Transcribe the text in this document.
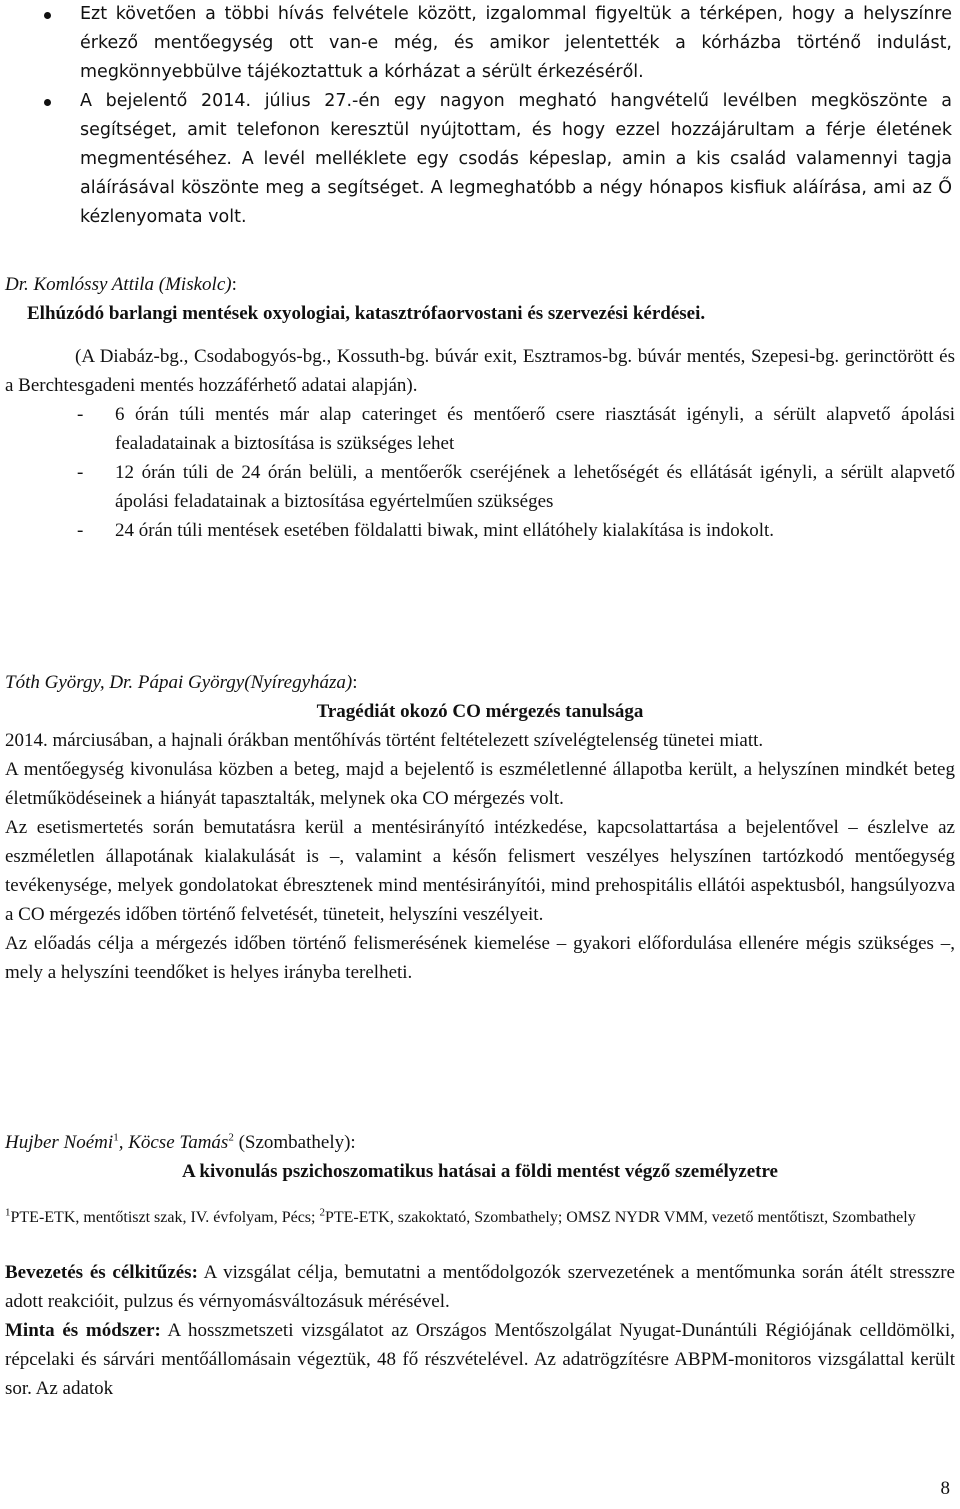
Ezt követően a többi hívás felvétele között, izgalommal figyeltük a térképen, hogy a helyszínre érkező mentőegység ott van-e még, és amikor jelentették a kórházba történő indulást, megkönnyebbülve tájékoztattuk a kórházat a sérült érkezéséről.
A bejelentő 2014. július 27.-én egy nagyon megható hangvételű levélben megköszönte a segítséget, amit telefonon keresztül nyújtottam, és hogy ezzel hozzájárultam a férje életének megmentéséhez. A levél melléklete egy csodás képeslap, amin a kis család valamennyi tagja aláírásával köszönte meg a segítséget. A legmeghatóbb a négy hónapos kisfiuk aláírása, ami az Ő kézlenyomata volt.
Dr. Komlóssy Attila (Miskolc):
Elhúzódó barlangi mentések oxyologiai, katasztrófaorvostani és szervezési kérdései.
(A Diabáz-bg., Csodabogyós-bg., Kossuth-bg. búvár exit, Esztramos-bg. búvár mentés, Szepesi-bg. gerinctörött és a Berchtesgadeni mentés hozzáférhető adatai alapján).
- 6 órán túli mentés már alap cateringet és mentőerő csere riasztását igényli, a sérült alapvető ápolási fealadatainak a biztosítása is szükséges lehet
- 12 órán túli de 24 órán belüli, a mentőerők cseréjének a lehetőségét és ellátását igényli, a sérült alapvető ápolási feladatainak a biztosítása egyértelműen szükséges
- 24 órán túli mentések esetében földalatti biwak, mint ellátóhely kialakítása is indokolt.
Tóth György, Dr. Pápai György(Nyíregyháza):
Tragédiát okozó CO mérgezés tanulsága
2014. márciusában, a hajnali órákban mentőhívás történt feltételezett szívelégtelenség tünetei miatt.
A mentőegység kivonulása közben a beteg, majd a bejelentő is eszméletlenné állapotba került, a helyszínen mindkét beteg életműködéseinek a hiányát tapasztalták, melynek oka CO mérgezés volt.
Az esetismertetés során bemutatásra kerül a mentésirányító intézkedése, kapcsolattartása a bejelentővel – észlelve az eszméletlen állapotának kialakulását is –, valamint a későn felismert veszélyes helyszínen tartózkodó mentőegység tevékenysége, melyek gondolatokat ébresztenek mind mentésirányítói, mind prehospitális ellátói aspektusból, hangsúlyozva a CO mérgezés időben történő felvetését, tüneteit, helyszíni veszélyeit.
Az előadás célja a mérgezés időben történő felismerésének kiemelése – gyakori előfordulása ellenére mégis szükséges –, mely a helyszíni teendőket is helyes irányba terelheti.
Hujber Noémi$^1$, Köcse Tamás$^2$ (Szombathely):
A kivonulás pszichoszomatikus hatásai a földi mentést végző személyzetre
$^1$PTE-ETK, mentőtiszt szak, IV. évfolyam, Pécs; $^2$PTE-ETK, szakoktató, Szombathely; OMSZ NYDR VMM, vezető mentőtiszt, Szombathely
Bevezetés és célkitűzés: A vizsgálat célja, bemutatni a mentődolgozók szervezetének a mentőmunka során átélt stresszre adott reakcióit, pulzus és vérnyomásváltozásuk mérésével.
Minta és módszer: A hosszmetszeti vizsgálatot az Országos Mentőszolgálat Nyugat-Dunántúli Régiójának celldömölki, répcelaki és sárvári mentőállomásain végeztük, 48 fő részvételével. Az adatrögzítésre ABPM-monitoros vizsgálattal került sor. Az adatok
8
